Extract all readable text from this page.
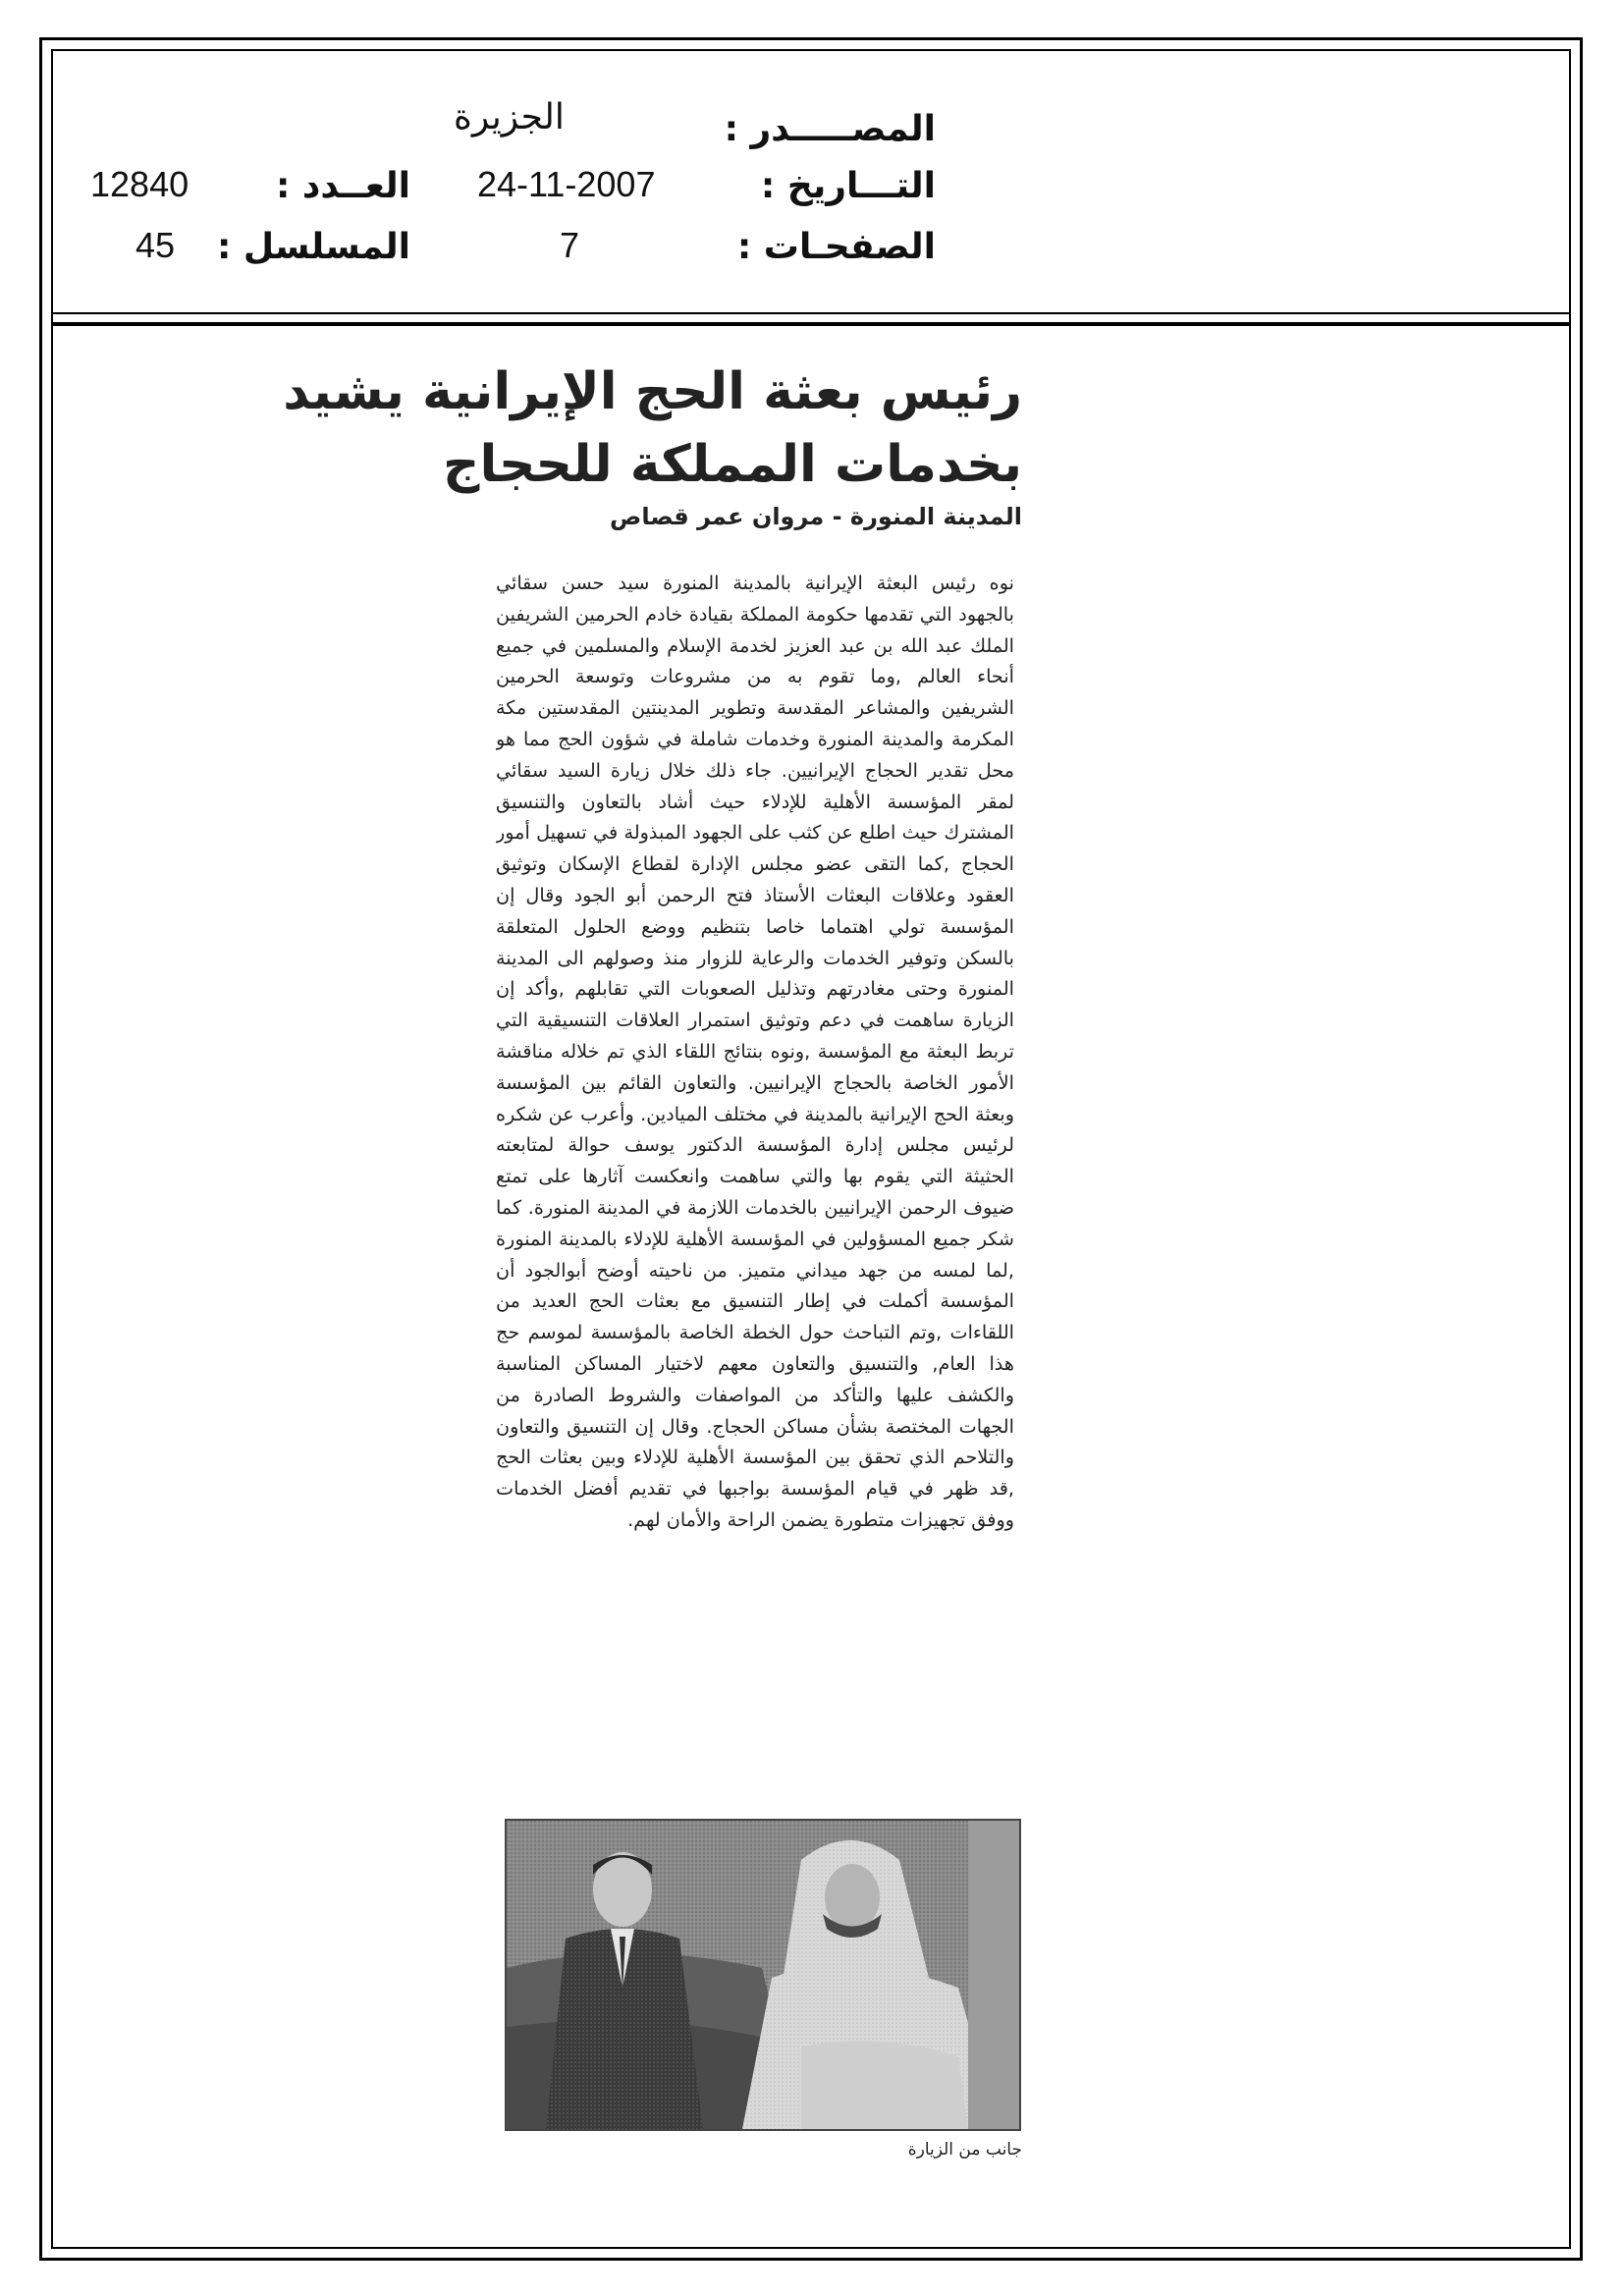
المصـــــدر :
الجزيرة
التـــاريخ :
24-11-2007
العــدد :
12840
الصفحـات :
7
المسلسل :
45
رئيس بعثة الحج الإيرانية يشيد
بخدمات المملكة للحجاج
المدينة المنورة - مروان عمر قصاص
نوه رئيس البعثة الإيرانية بالمدينة المنورة سيد حسن سقائي بالجهود التي تقدمها حكومة المملكة بقيادة خادم الحرمين الشريفين الملك عبد الله بن عبد العزيز لخدمة الإسلام والمسلمين في جميع أنحاء العالم ,وما تقوم به من مشروعات وتوسعة الحرمين الشريفين والمشاعر المقدسة وتطوير المدينتين المقدستين مكة المكرمة والمدينة المنورة وخدمات شاملة في شؤون الحج مما هو محل تقدير الحجاج الإيرانيين. جاء ذلك خلال زيارة السيد سقائي لمقر المؤسسة الأهلية للإدلاء حيث أشاد بالتعاون والتنسيق المشترك حيث اطلع عن كثب على الجهود المبذولة في تسهيل أمور الحجاج ,كما التقى عضو مجلس الإدارة لقطاع الإسكان وتوثيق العقود وعلاقات البعثات الأستاذ فتح الرحمن أبو الجود وقال إن المؤسسة تولي اهتماما خاصا بتنظيم ووضع الحلول المتعلقة بالسكن وتوفير الخدمات والرعاية للزوار منذ وصولهم الى المدينة المنورة وحتى مغادرتهم وتذليل الصعوبات التي تقابلهم ,وأكد إن الزيارة ساهمت في دعم وتوثيق استمرار العلاقات التنسيقية التي تربط البعثة مع المؤسسة ,ونوه بنتائج اللقاء الذي تم خلاله مناقشة الأمور الخاصة بالحجاج الإيرانيين. والتعاون القائم بين المؤسسة وبعثة الحج الإيرانية بالمدينة في مختلف الميادين. وأعرب عن شكره لرئيس مجلس إدارة المؤسسة الدكتور يوسف حوالة لمتابعته الحثيثة التي يقوم بها والتي ساهمت وانعكست آثارها على تمتع ضيوف الرحمن الإيرانيين بالخدمات اللازمة في المدينة المنورة. كما شكر جميع المسؤولين في المؤسسة الأهلية للإدلاء بالمدينة المنورة ,لما لمسه من جهد ميداني متميز. من ناحيته أوضح أبوالجود أن المؤسسة أكملت في إطار التنسيق مع بعثات الحج العديد من اللقاءات ,وتم التباحث حول الخطة الخاصة بالمؤسسة لموسم حج هذا العام, والتنسيق والتعاون معهم لاختيار المساكن المناسبة والكشف عليها والتأكد من المواصفات والشروط الصادرة من الجهات المختصة بشأن مساكن الحجاج. وقال إن التنسيق والتعاون والتلاحم الذي تحقق بين المؤسسة الأهلية للإدلاء وبين بعثات الحج ,قد ظهر في قيام المؤسسة بواجبها في تقديم أفضل الخدمات ووفق تجهيزات متطورة يضمن الراحة والأمان لهم.
جانب من الزيارة
